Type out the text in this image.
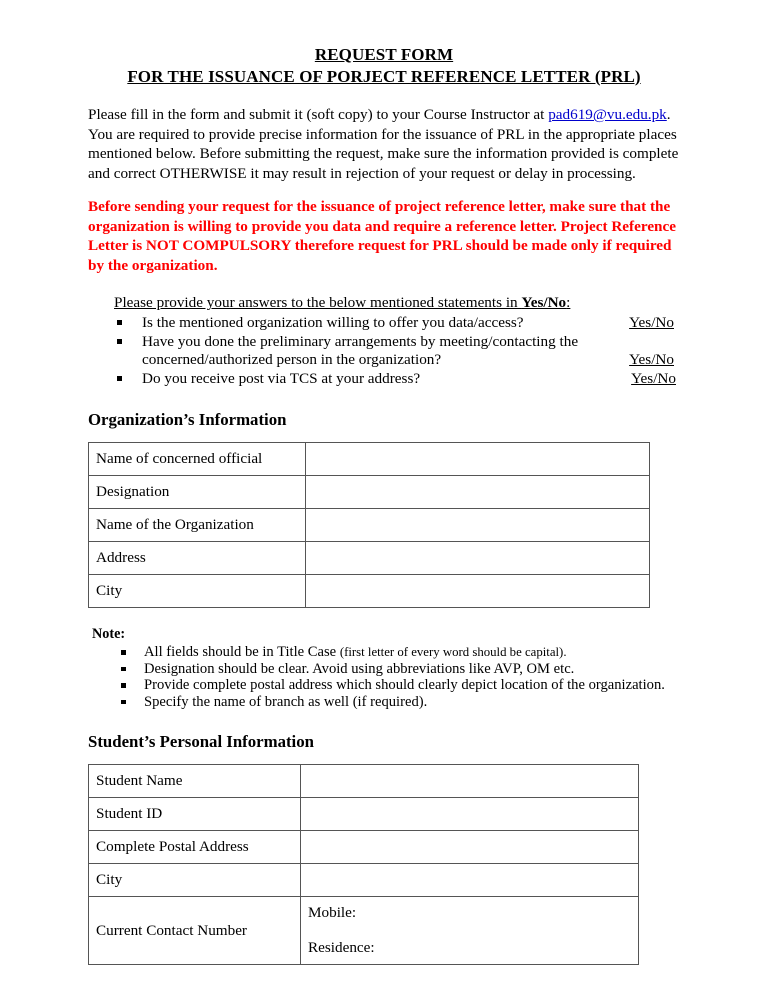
REQUEST FORM
FOR THE ISSUANCE OF PORJECT REFERENCE LETTER (PRL)

Please fill in the form and submit it (soft copy) to your Course Instructor at pad619@vu.edu.pk. You are required to provide precise information for the issuance of PRL in the appropriate places mentioned below. Before submitting the request, make sure the information provided is complete and correct OTHERWISE it may result in rejection of your request or delay in processing.

Before sending your request for the issuance of project reference letter, make sure that the organization is willing to provide you data and require a reference letter. Project Reference Letter is NOT COMPULSORY therefore request for PRL should be made only if required by the organization.

Please provide your answers to the below mentioned statements in Yes/No:
Is the mentioned organization willing to offer you data/access?	Yes/No
Have you done the preliminary arrangements by meeting/contacting the
concerned/authorized person in the organization?	Yes/No
Do you receive post via TCS at your address?	Yes/No
Organization’s Information
Name of concerned official	
Designation	
Name of the Organization	
Address	
City	
Note:
All fields should be in Title Case (first letter of every word should be capital).
Designation should be clear. Avoid using abbreviations like AVP, OM etc.
Provide complete postal address which should clearly depict location of the organization.
Specify the name of branch as well (if required).
Student’s Personal Information
Student Name	
Student ID	
Complete Postal Address	
City	
Current Contact Number	Mobile:
Residence:
